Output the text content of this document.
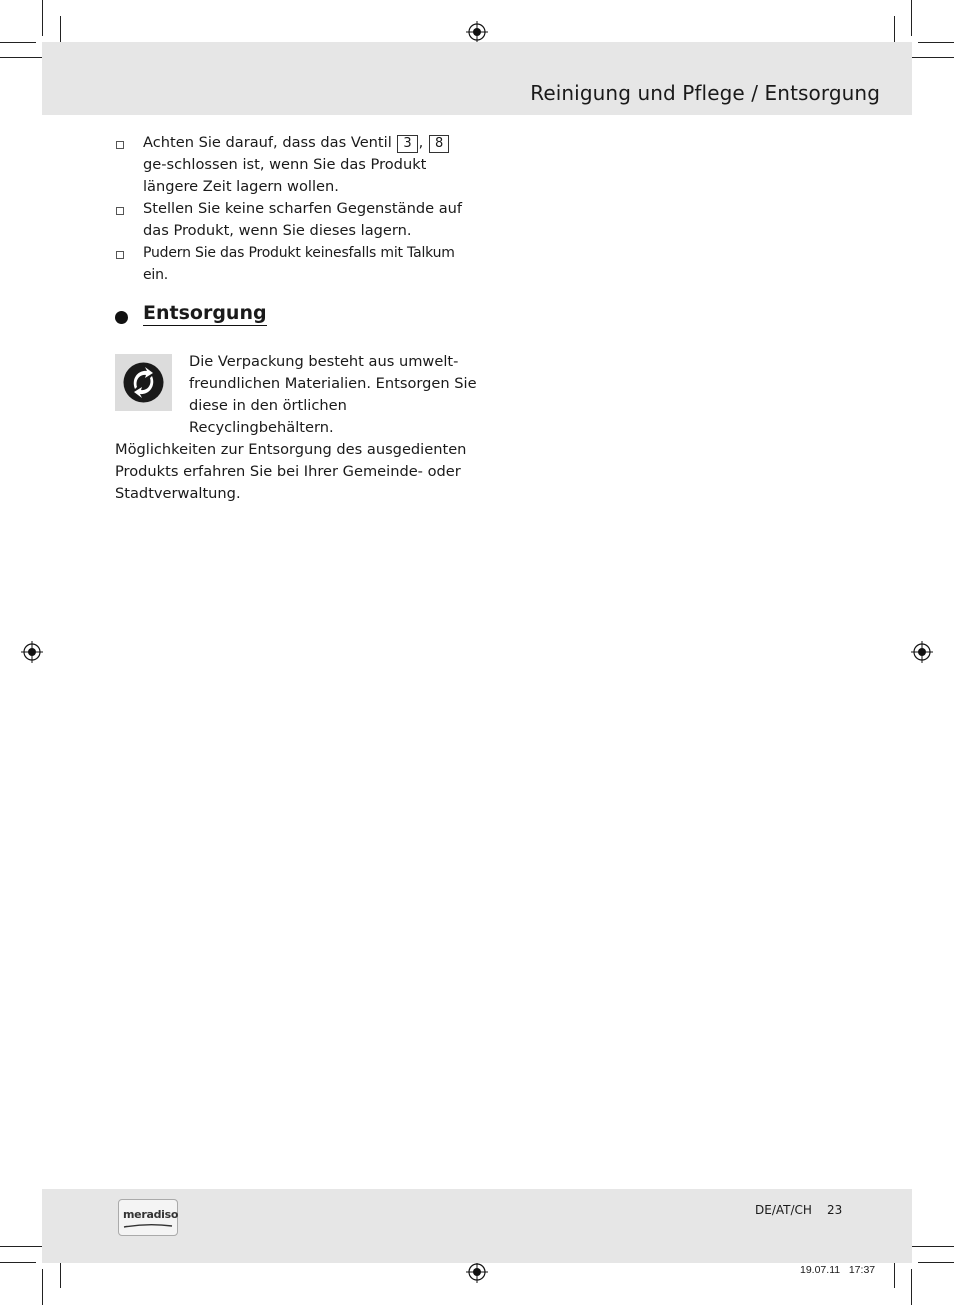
Reinigung und Pflege / Entsorgung
Achten Sie darauf, dass das Ventil 3 , 8 ge-schlossen ist, wenn Sie das Produkt längere Zeit lagern wollen.
Stellen Sie keine scharfen Gegenstände auf das Produkt, wenn Sie dieses lagern.
Pudern Sie das Produkt keinesfalls mit Talkum ein.
Entsorgung
Die Verpackung besteht aus umwelt-freundlichen Materialien. Entsorgen Sie diese in den örtlichen Recyclingbehältern.
Möglichkeiten zur Entsorgung des ausgedienten Produkts erfahren Sie bei Ihrer Gemeinde- oder Stadtverwaltung.
meradiso	DE/AT/CH 23
19.07.11   17:37
